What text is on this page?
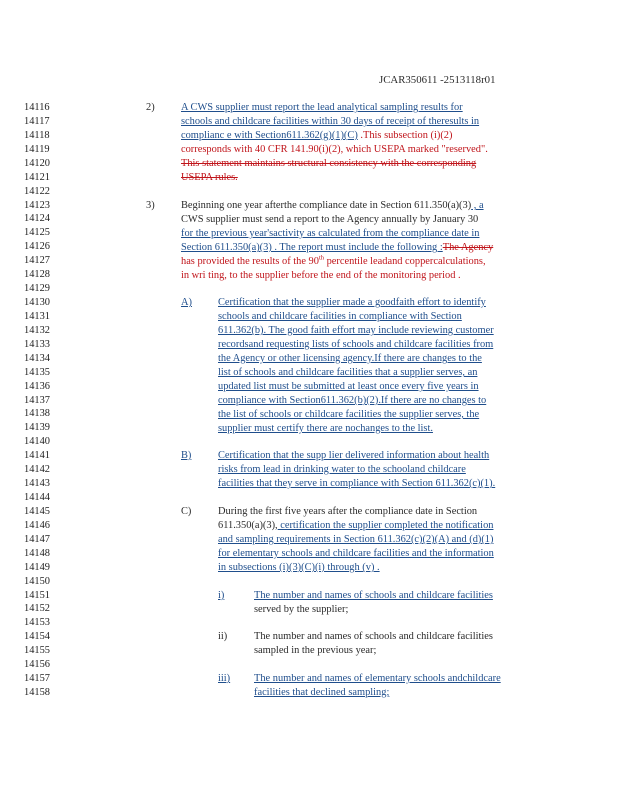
JCAR350611 -2513118r01
14116
14117
14118
14119
14120
14121
14122
14123
14124
14125
14126
14127
14128
14129
14130
14131
14132
14133
14134
14135
14136
14137
14138
14139
14140
14141
14142
14143
14144
14145
14146
14147
14148
14149
14150
14151
14152
14153
14154
14155
14156
14157
14158
2)	A CWS supplier must report the lead analytical sampling results for
schools and childcare facilities within 30 days of receipt of theresults in
complianc e with Section611.362(g)(1)(C) .This subsection (i)(2)
corresponds with 40 CFR 141.90(i)(2), which USEPA marked "reserved".
This statement maintains structural consistency with the corresponding
USEPA rules.
3)	Beginning one year afterthe compliance date in Section 611.350(a)(3) , a
CWS supplier must send a report to the Agency annually by January 30
for the previous year'sactivity as calculated from the compliance date in
Section 611.350(a)(3) . The report must include the following :The Agency
has provided the results of the 90th percentile leadand coppercalculations,
in wri ting, to the supplier before the end of the monitoring period .
A)	Certification that the supplier made a goodfaith effort to identify
schools and childcare facilities in compliance with Section
611.362(b). The good faith effort may include reviewing customer
recordsand requesting lists of schools and childcare facilities from
the Agency or other licensing agency.If there are changes to the
list of schools and childcare facilities that a supplier serves, an
updated list must be submitted at least once every five years in
compliance with Section611.362(b)(2).If there are no changes to
the list of schools or childcare facilities the supplier serves, the
supplier must certify there are nochanges to the list.
B)	Certification that the supp lier delivered information about health
risks from lead in drinking water to the schooland childcare
facilities that they serve in compliance with Section 611.362(c)(1).
C)	During the first five years after the compliance date in Section
611.350(a)(3), certification the supplier completed the notification
and sampling requirements in Section 611.362(c)(2)(A) and (d)(1)
for elementary schools and childcare facilities and the information
in subsections (i)(3)(C)(i) through (v) .
i)	The number and names of schools and childcare facilities
served by the supplier;
ii)	The number and names of schools and childcare facilities
sampled in the previous year;
iii) The number and names of elementary schools andchildcare
facilities that declined sampling;
